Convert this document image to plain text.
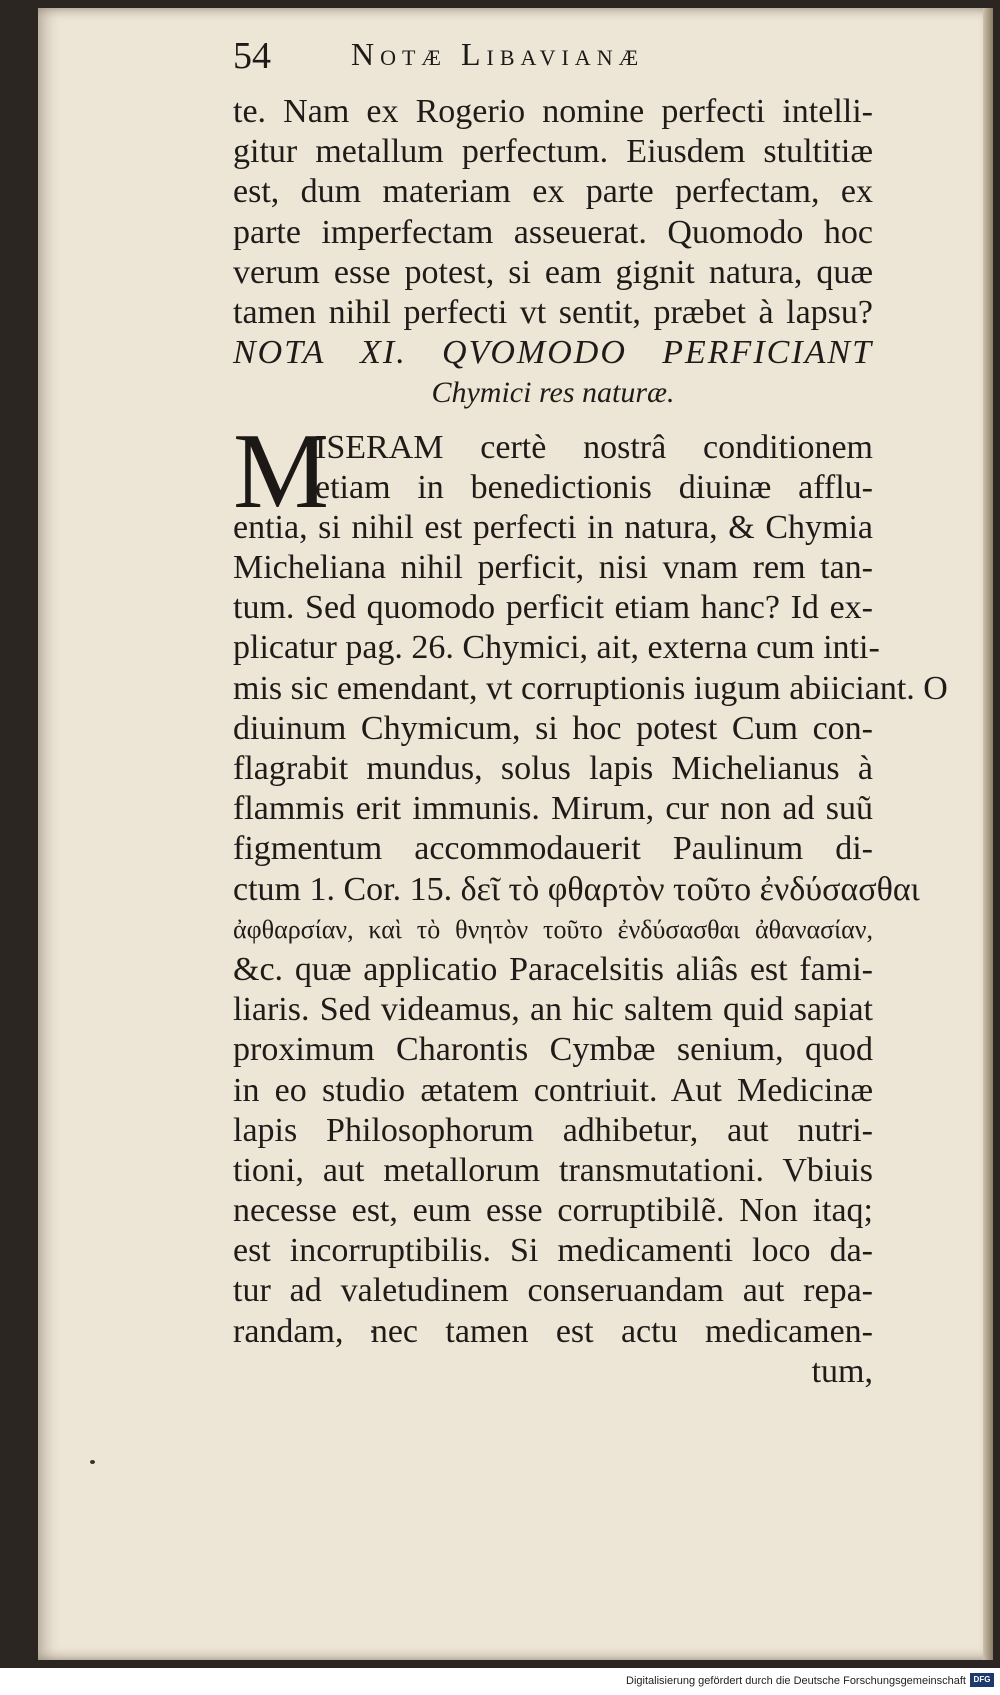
54	Notæ Libavianæ
te. Nam ex Rogerio nomine perfecti intelli-
gitur metallum perfectum. Eiusdem stultitiæ
est, dum materiam ex parte perfectam, ex
parte imperfectam asseuerat. Quomodo hoc
verum esse potest, si eam gignit natura, quæ
tamen nihil perfecti vt sentit, præbet à lapsu?
NOTA XI. QVOMODO PERFICIANT
Chymici res naturæ.
M
ISERAM certè nostrâ conditionem
etiam in benedictionis diuinæ afflu-
entia, si nihil est perfecti in natura, & Chymia
Micheliana nihil perficit, nisi vnam rem tan-
tum. Sed quomodo perficit etiam hanc? Id ex-
plicatur pag. 26. Chymici, ait, externa cum inti-
mis sic emendant, vt corruptionis iugum abiiciant. O
diuinum Chymicum, si hoc potest Cum con-
flagrabit mundus, solus lapis Michelianus à
flammis erit immunis. Mirum, cur non ad suũ
figmentum accommodauerit Paulinum di-
ctum 1. Cor. 15. δεῖ τὸ φθαρτὸν τοῦτο ἐνδύσασθαι
ἀφθαρσίαν, καὶ τὸ θνητὸν τοῦτο ἐνδύσασθαι ἀθανασίαν,
&c. quæ applicatio Paracelsitis aliâs est fami-
liaris. Sed videamus, an hic saltem quid sapiat
proximum Charontis Cymbæ senium, quod
in eo studio ætatem contriuit. Aut Medicinæ
lapis Philosophorum adhibetur, aut nutri-
tioni, aut metallorum transmutationi. Vbiuis
necesse est, eum esse corruptibilẽ. Non itaq;
est incorruptibilis. Si medicamenti loco da-
tur ad valetudinem conseruandam aut repa-
randam, nec tamen est actu medicamen-
tum,
Digitalisierung gefördert durch die Deutsche Forschungsgemeinschaft DFG
